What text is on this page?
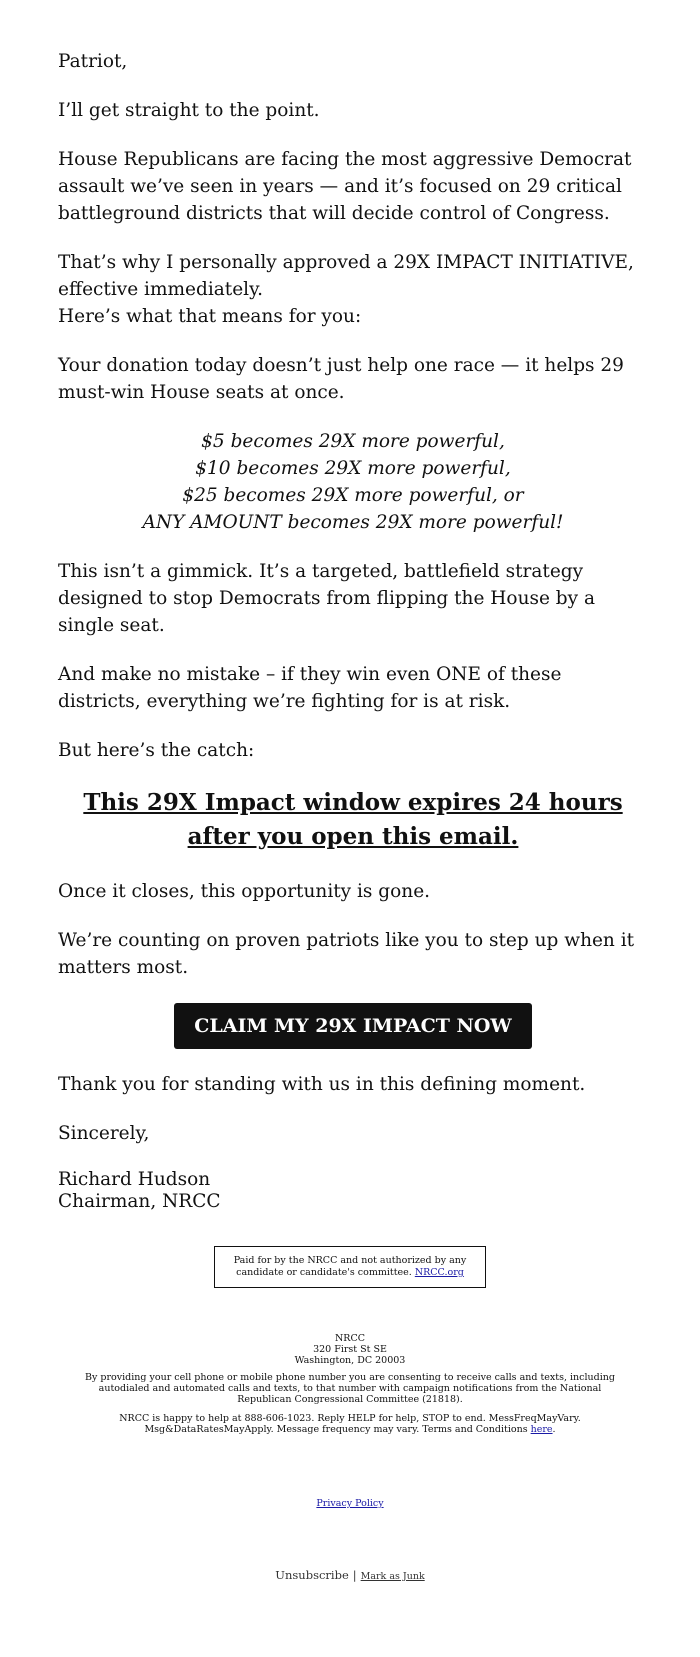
Patriot,

I’ll get straight to the point.

House Republicans are facing the most aggressive Democrat assault we’ve seen in years — and it’s focused on 29 critical battleground districts that will decide control of Congress.

That’s why I personally approved a 29X IMPACT INITIATIVE, effective immediately.
Here’s what that means for you:

Your donation today doesn’t just help one race — it helps 29 must-win House seats at once.

$5 becomes 29X more powerful,
$10 becomes 29X more powerful,
$25 becomes 29X more powerful, or
ANY AMOUNT becomes 29X more powerful!

This isn’t a gimmick. It’s a targeted, battlefield strategy designed to stop Democrats from flipping the House by a single seat.

And make no mistake – if they win even ONE of these districts, everything we’re fighting for is at risk.

But here’s the catch:

This 29X Impact window expires 24 hours after you open this email.

Once it closes, this opportunity is gone.

We’re counting on proven patriots like you to step up when it matters most.

CLAIM MY 29X IMPACT NOW

Thank you for standing with us in this defining moment.

Sincerely,

Richard Hudson

Chairman, NRCC

Paid for by the NRCC and not authorized by any candidate or candidate's committee. NRCC.org
NRCC
320 First St SE
Washington, DC 20003
By providing your cell phone or mobile phone number you are consenting to receive calls and texts, including autodialed and automated calls and texts, to that number with campaign notifications from the National Republican Congressional Committee (21818).
NRCC is happy to help at 888-606-1023. Reply HELP for help, STOP to end. MessFreqMayVary. Msg&DataRatesMayApply. Message frequency may vary. Terms and Conditions here.
Privacy Policy
Unsubscribe | Mark as Junk
